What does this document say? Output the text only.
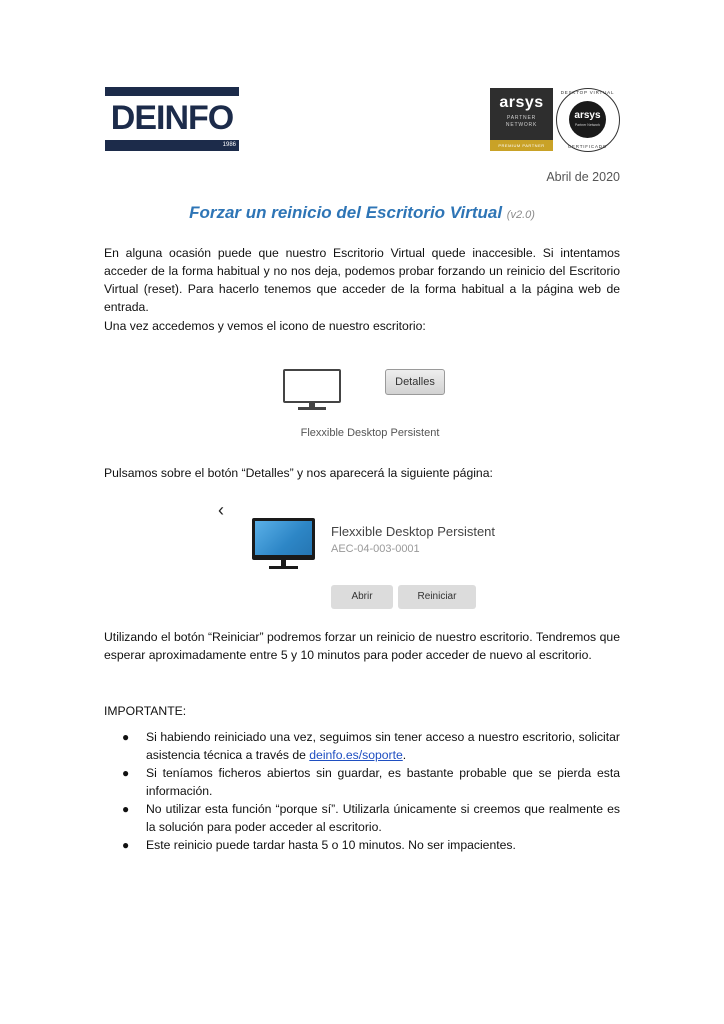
DEINFO
1986
arsys
PARTNER
NETWORK
PREMIUM PARTNER
DESKTOP VIRTUAL
arsys
Partner Network
CERTIFICADO
Abril de 2020
Forzar un reinicio del Escritorio Virtual (v2.0)
En alguna ocasión puede que nuestro Escritorio Virtual quede inaccesible. Si intentamos acceder de la forma habitual y no nos deja, podemos probar forzando un reinicio del Escritorio Virtual (reset). Para hacerlo tenemos que acceder de la forma habitual a la página web de entrada.
Una vez accedemos y vemos el icono de nuestro escritorio:
Detalles
Flexxible Desktop Persistent
Pulsamos sobre el botón “Detalles” y nos aparecerá la siguiente página:
‹
Flexxible Desktop Persistent
AEC-04-003-0001
Abrir	Reiniciar
Utilizando el botón “Reiniciar” podremos forzar un reinicio de nuestro escritorio. Tendremos que esperar aproximadamente entre 5 y 10 minutos para poder acceder de nuevo al escritorio.
IMPORTANTE:
● Si habiendo reiniciado una vez, seguimos sin tener acceso a nuestro escritorio, solicitar asistencia técnica a través de deinfo.es/soporte.
● Si teníamos ficheros abiertos sin guardar, es bastante probable que se pierda esta información.
● No utilizar esta función “porque sí”. Utilizarla únicamente si creemos que realmente es la solución para poder acceder al escritorio.
● Este reinicio puede tardar hasta 5 o 10 minutos. No ser impacientes.
